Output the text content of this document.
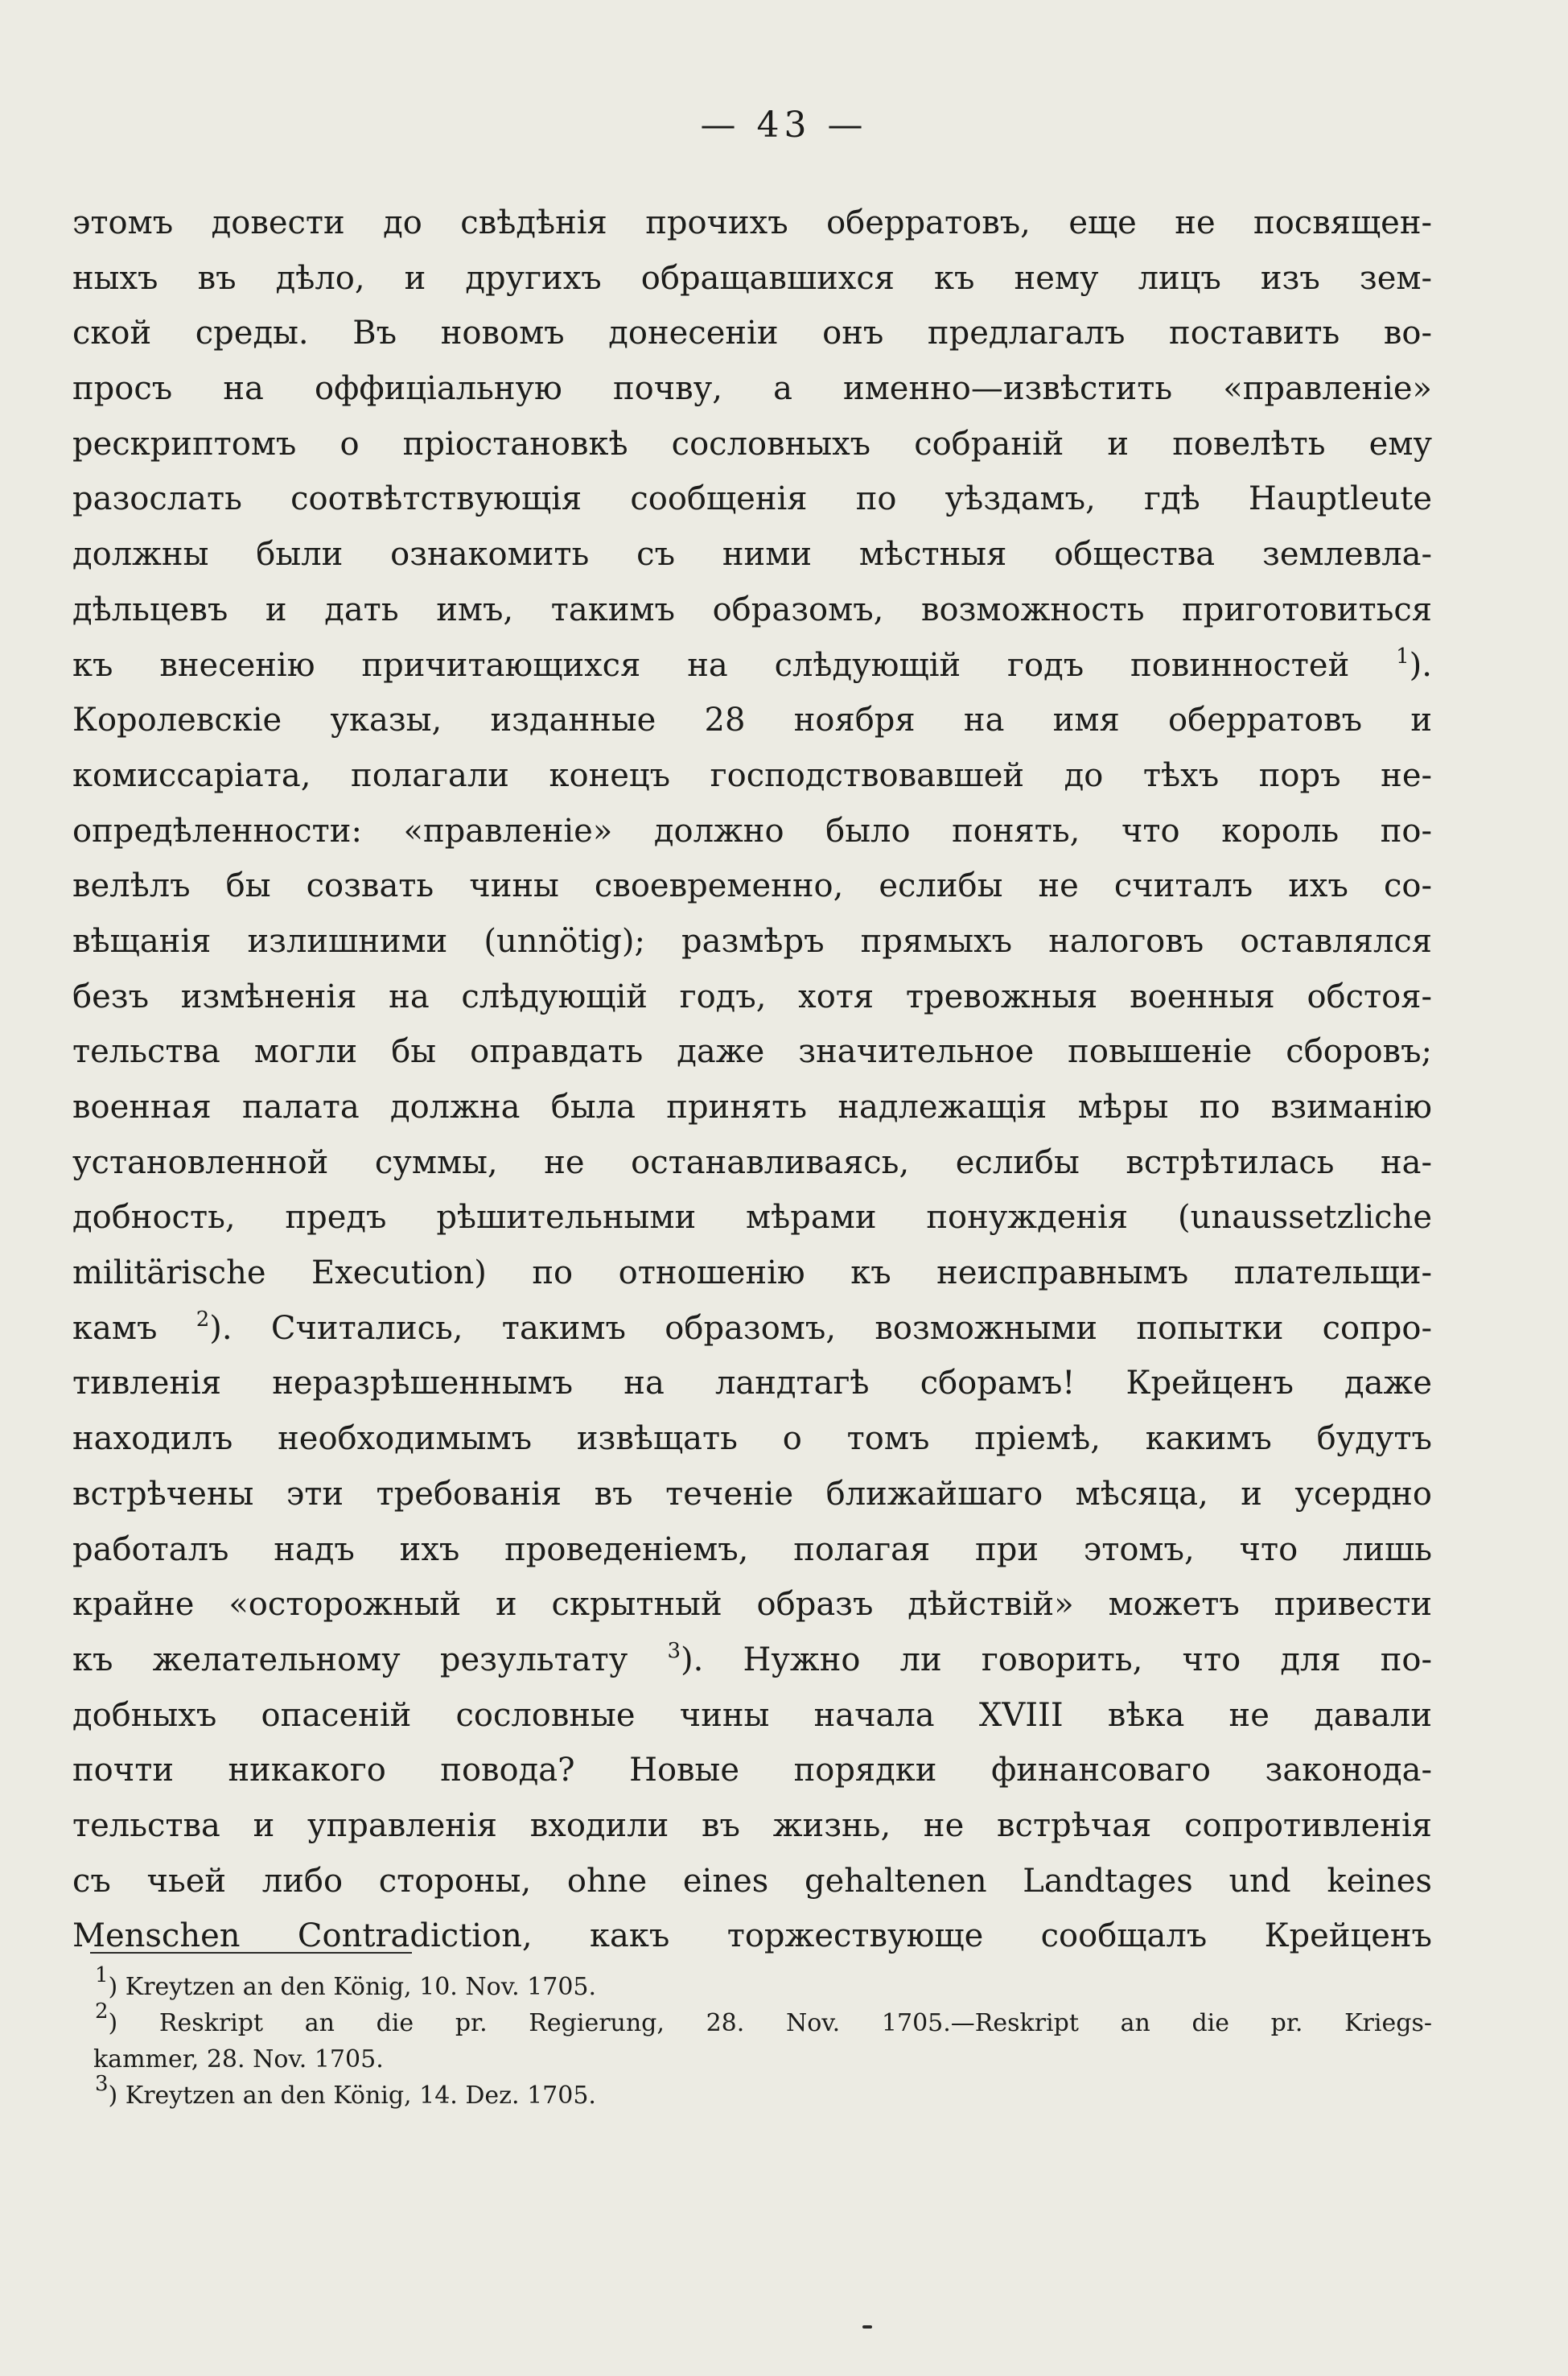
— 43 —
этомъ довести до свѣдѣнія прочихъ оберратовъ, еще не посвящен-
ныхъ въ дѣло, и другихъ обращавшихся къ нему лицъ изъ зем-
ской среды. Въ новомъ донесеніи онъ предлагалъ поставить во-
просъ на оффиціальную почву, а именно—извѣстить «правленіе»
рескриптомъ о пріостановкѣ сословныхъ собраній и повелѣть ему
разослать соотвѣтствующія сообщенія по уѣздамъ, гдѣ Hauptleute
должны были ознакомить съ ними мѣстныя общества землевла-
дѣльцевъ и дать имъ, такимъ образомъ, возможность приготовиться
къ внесенію причитающихся на слѣдующій годъ повинностей $^1$).
Королевскіе указы, изданные 28 ноября на имя оберратовъ и
комиссаріата, полагали конецъ господствовавшей до тѣхъ поръ не-
опредѣленности: «правленіе» должно было понять, что король по-
велѣлъ бы созвать чины своевременно, еслибы не считалъ ихъ со-
вѣщанія излишними (unnötig); размѣръ прямыхъ налоговъ оставлялся
безъ измѣненія на слѣдующій годъ, хотя тревожныя военныя обстоя-
тельства могли бы оправдать даже значительное повышеніе сборовъ;
военная палата должна была принять надлежащія мѣры по взиманію
установленной суммы, не останавливаясь, еслибы встрѣтилась на-
добность, предъ рѣшительными мѣрами понужденія (unaussetzliche
militärische Execution) по отношенію къ неисправнымъ плательщи-
камъ $^2$). Считались, такимъ образомъ, возможными попытки сопро-
тивленія неразрѣшеннымъ на ландтагѣ сборамъ! Крейценъ даже
находилъ необходимымъ извѣщать о томъ пріемѣ, какимъ будутъ
встрѣчены эти требованія въ теченіе ближайшаго мѣсяца, и усердно
работалъ надъ ихъ проведеніемъ, полагая при этомъ, что лишь
крайне «осторожный и скрытный образъ дѣйствій» можетъ привести
къ желательному результату $^3$). Нужно ли говорить, что для по-
добныхъ опасеній сословные чины начала XVIII вѣка не давали
почти никакого повода? Новые порядки финансоваго законода-
тельства и управленія входили въ жизнь, не встрѣчая сопротивленія
съ чьей либо стороны, ohne eines gehaltenen Landtages und keines
Menschen Contradiction, какъ торжествующе сообщалъ Крейценъ
$^1$) Kreytzen an den König, 10. Nov. 1705.
$^2$) Reskript an die pr. Regierung, 28. Nov. 1705.—Reskript an die pr. Kriegs-
kammer, 28. Nov. 1705.
$^3$) Kreytzen an den König, 14. Dez. 1705.
